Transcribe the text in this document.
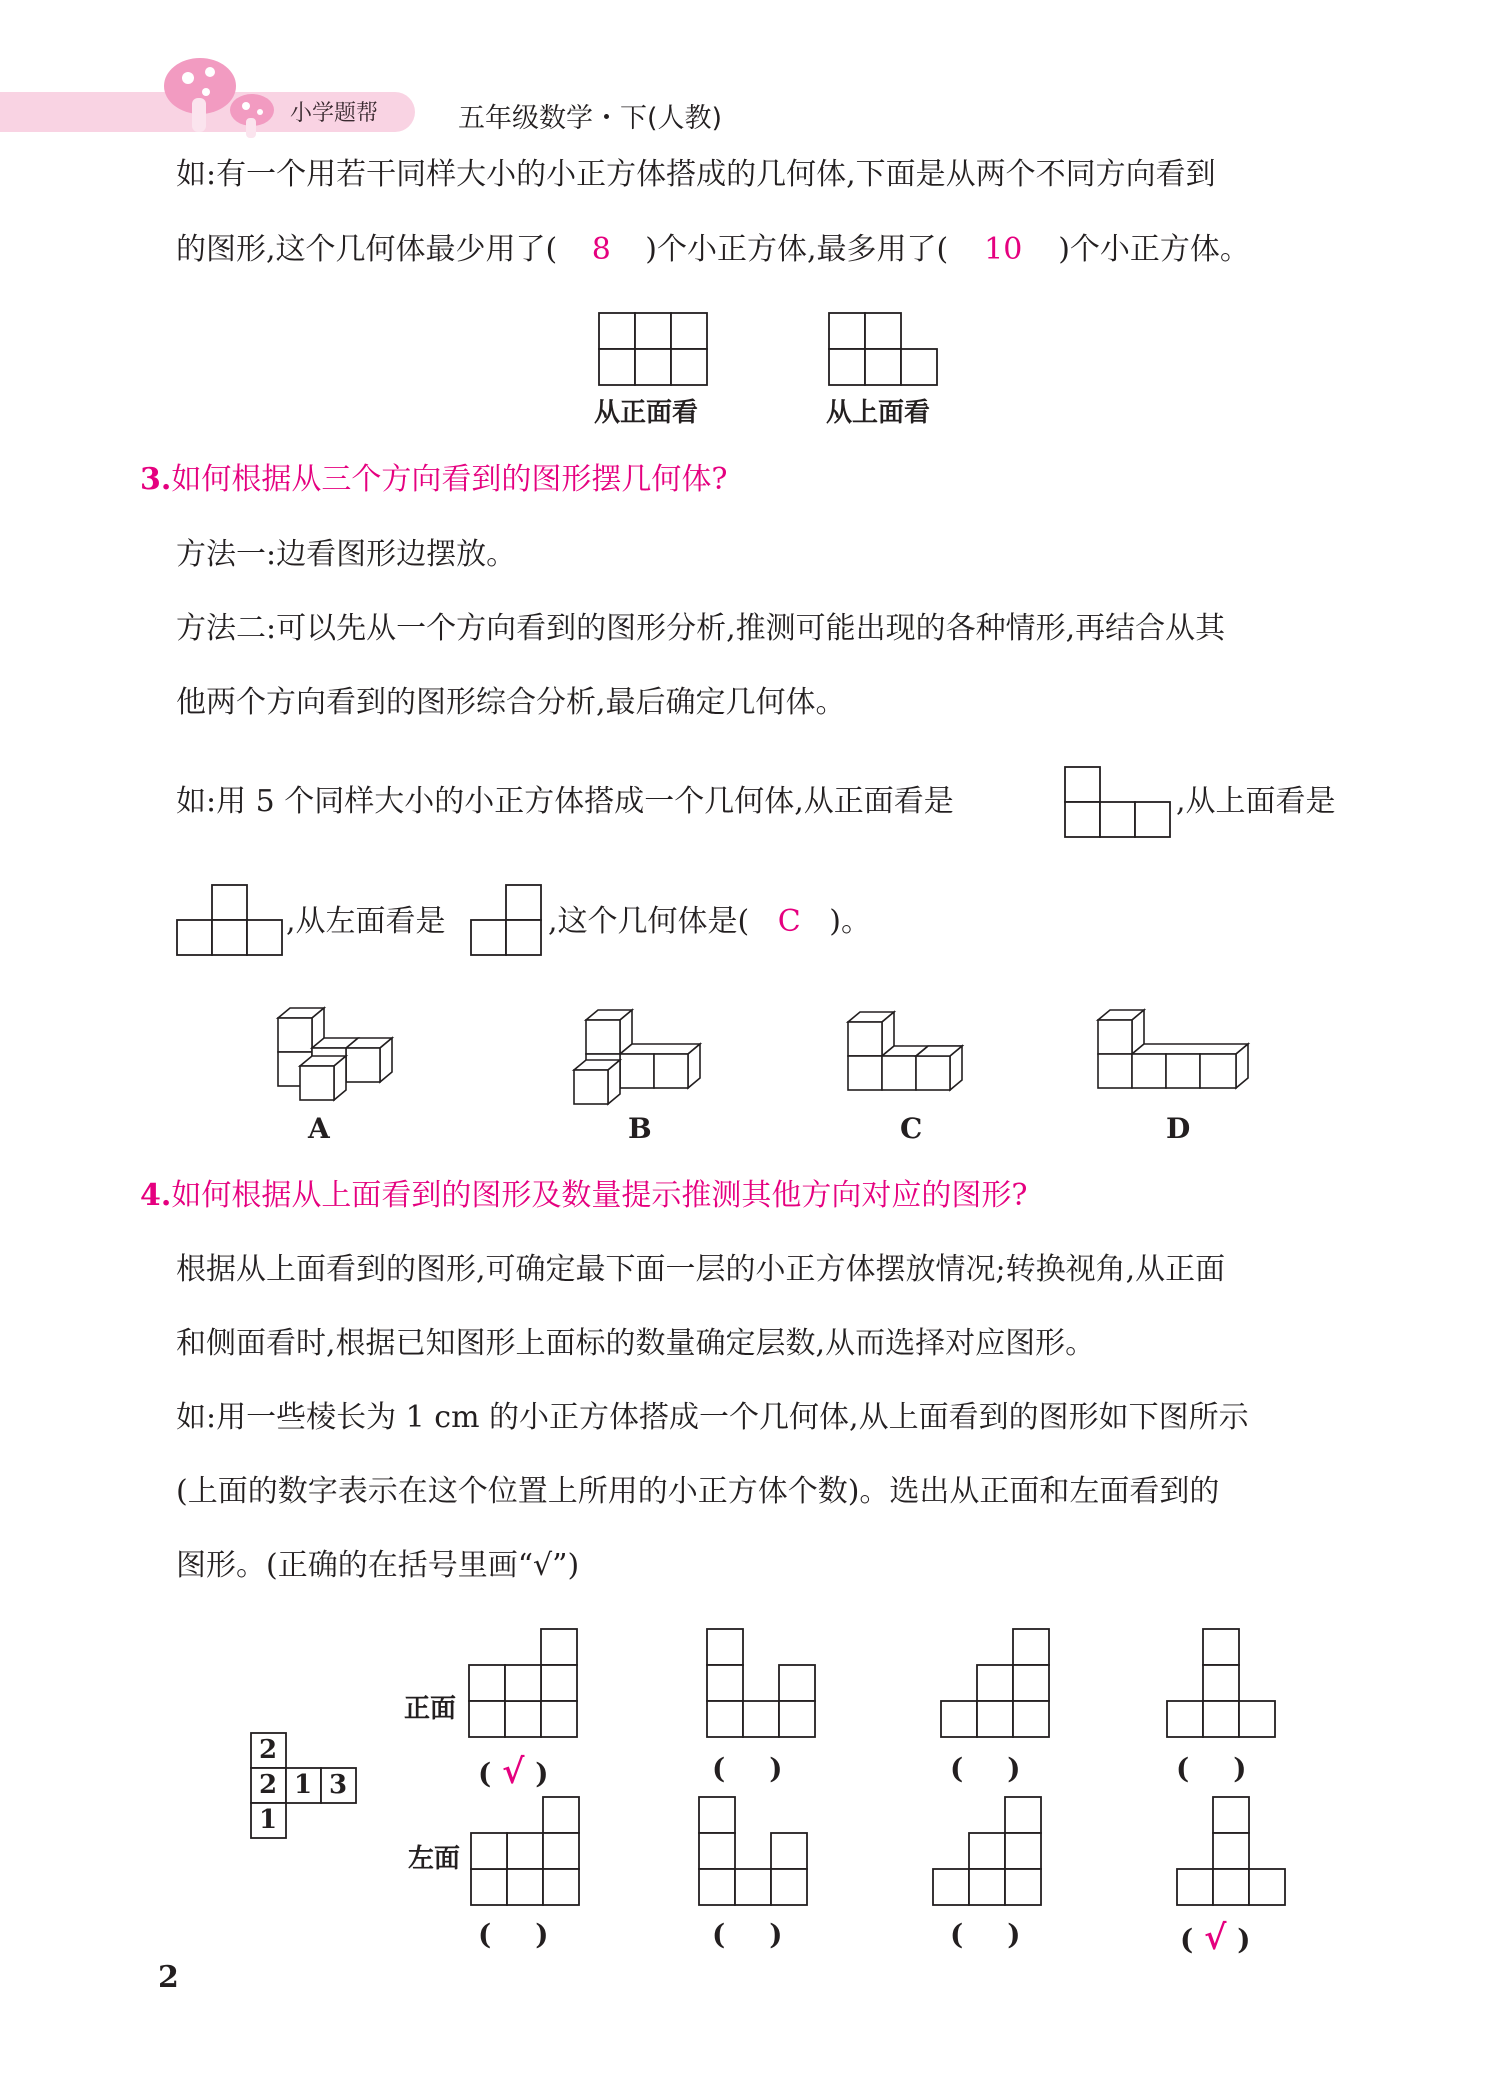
小学题帮	五年级数学・下(人教)
如:有一个用若干同样大小的小正方体搭成的几何体,下面是从两个不同方向看到
的图形,这个几何体最少用了( 8 )个小正方体,最多用了( 10 )个小正方体。
从正面看	从上面看
3.如何根据从三个方向看到的图形摆几何体?
方法一:边看图形边摆放。
方法二:可以先从一个方向看到的图形分析,推测可能出现的各种情形,再结合从其
他两个方向看到的图形综合分析,最后确定几何体。
如:用 5 个同样大小的小正方体搭成一个几何体,从正面看是	,从上面看是
,从左面看是	,这个几何体是( C )。
A	B	C	D
4.如何根据从上面看到的图形及数量提示推测其他方向对应的图形?
根据从上面看到的图形,可确定最下面一层的小正方体摆放情况;转换视角,从正面
和侧面看时,根据已知图形上面标的数量确定层数,从而选择对应图形。
如:用一些棱长为 1 cm 的小正方体搭成一个几何体,从上面看到的图形如下图所示
(上面的数字表示在这个位置上所用的小正方体个数)。选出从正面和左面看到的
图形。(正确的在括号里画“√”)
2
2 1 3
1
正面
左面
( √ )	( )	( )	( )
( )	( )	( )	( √ )
2
